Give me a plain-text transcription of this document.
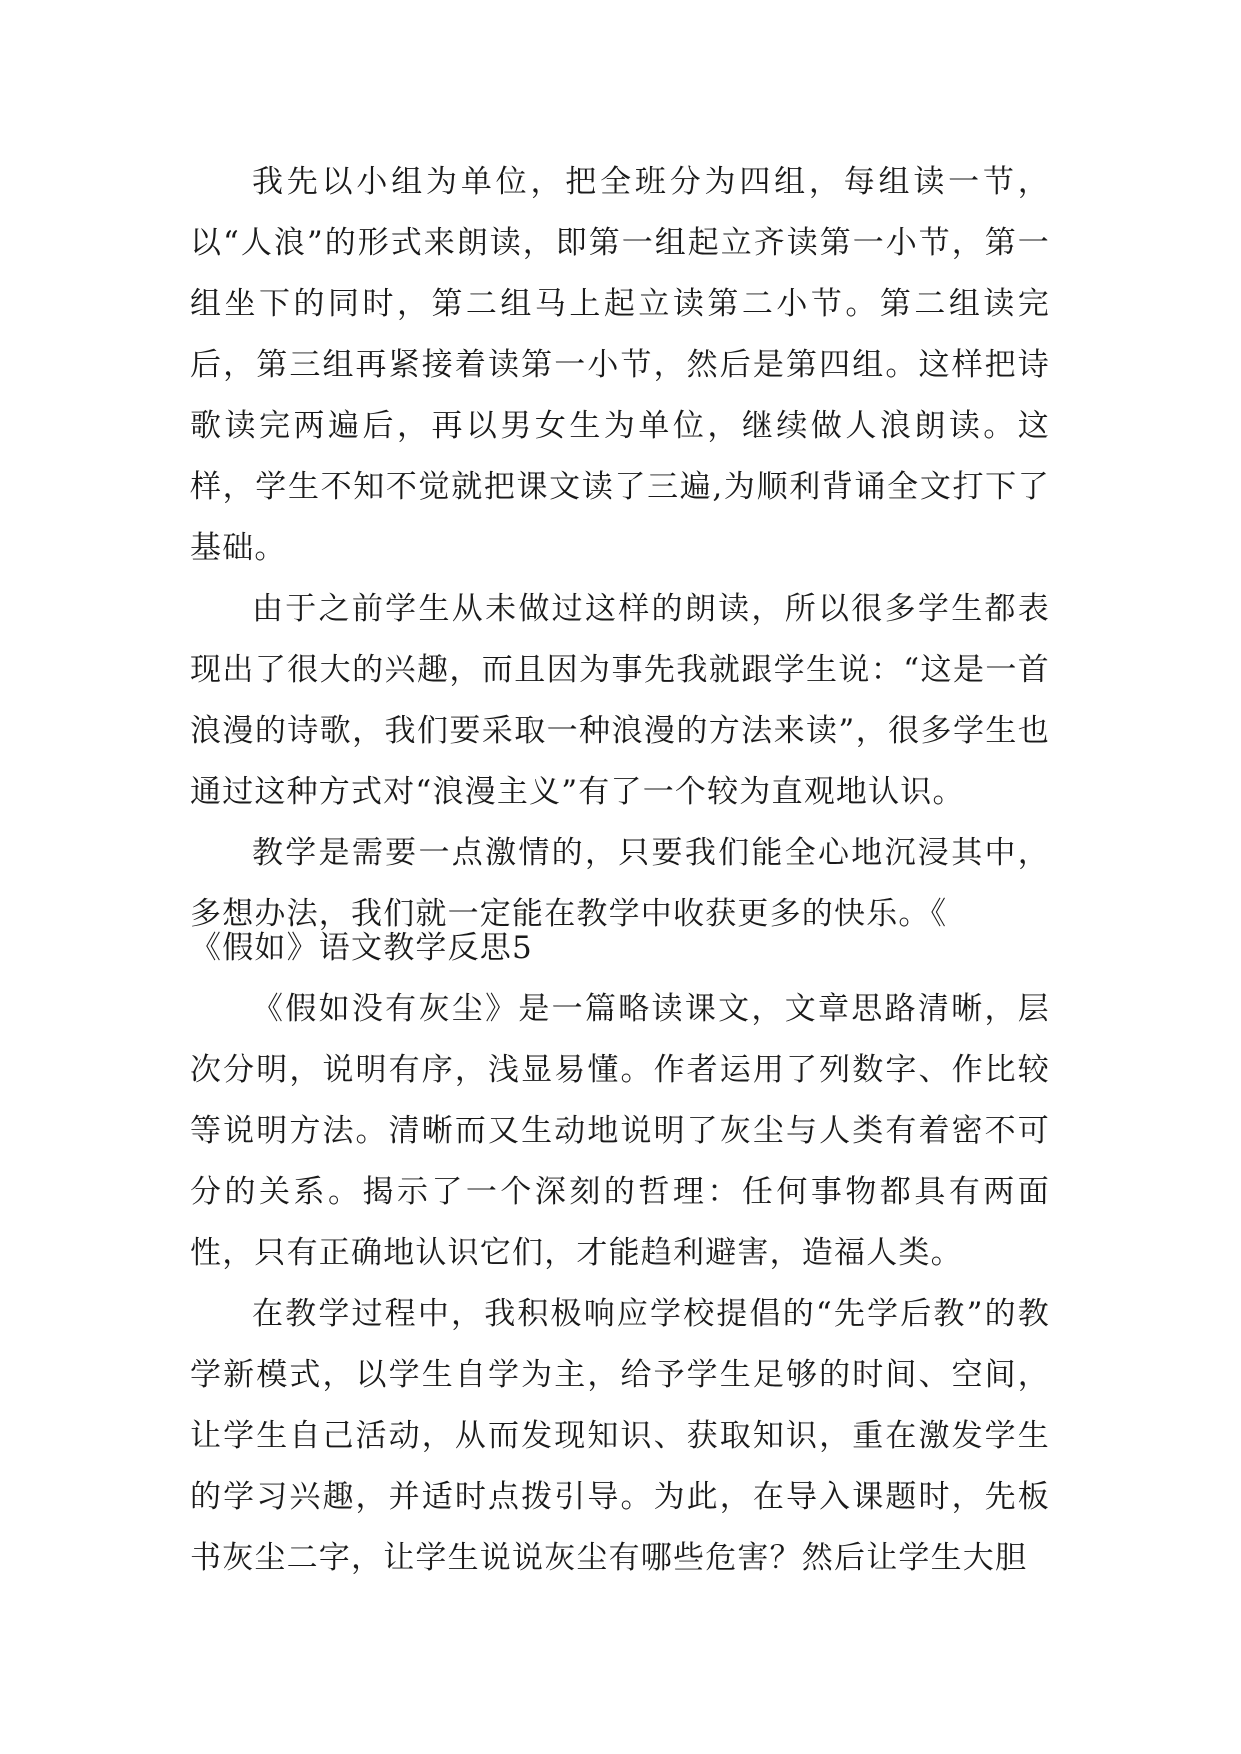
我先以小组为单位，把全班分为四组，每组读一节，以“人浪”的形式来朗读，即第一组起立齐读第一小节，第一组坐下的同时，第二组马上起立读第二小节。第二组读完后，第三组再紧接着读第一小节，然后是第四组。这样把诗歌读完两遍后，再以男女生为单位，继续做人浪朗读。这样，学生不知不觉就把课文读了三遍,为顺利背诵全文打下了基础。

由于之前学生从未做过这样的朗读，所以很多学生都表现出了很大的兴趣，而且因为事先我就跟学生说：“这是一首浪漫的诗歌，我们要采取一种浪漫的方法来读”，很多学生也通过这种方式对“浪漫主义”有了一个较为直观地认识。

教学是需要一点激情的，只要我们能全心地沉浸其中，多想办法，我们就一定能在教学中收获更多的快乐。《

《假如》语文教学反思5

《假如没有灰尘》是一篇略读课文，文章思路清晰，层次分明，说明有序，浅显易懂。作者运用了列数字、作比较等说明方法。清晰而又生动地说明了灰尘与人类有着密不可分的关系。揭示了一个深刻的哲理：任何事物都具有两面性，只有正确地认识它们，才能趋利避害，造福人类。

在教学过程中，我积极响应学校提倡的“先学后教”的教学新模式，以学生自学为主，给予学生足够的时间、空间，让学生自己活动，从而发现知识、获取知识，重在激发学生的学习兴趣，并适时点拨引导。为此，在导入课题时，先板书灰尘二字，让学生说说灰尘有哪些危害？然后让学生大胆
